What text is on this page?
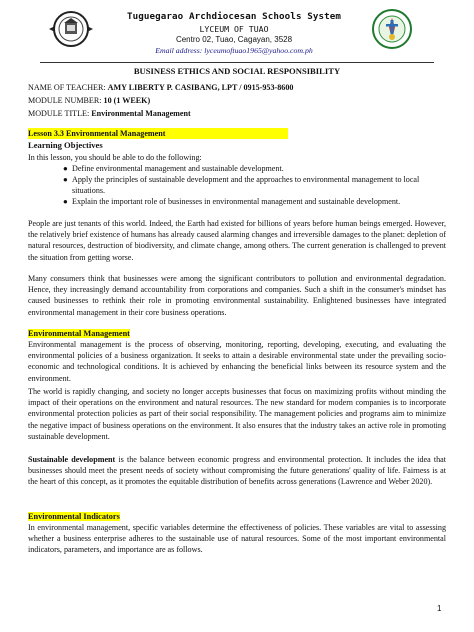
Tuguegarao Archdiocesan Schools System
LYCEUM OF TUAO
Centro 02, Tuao, Cagayan, 3528
Email address: lyceumoftuao1965@yahoo.com.ph
BUSINESS ETHICS AND SOCIAL RESPONSIBILITY
NAME OF TEACHER: AMY LIBERTY P. CASIBANG, LPT / 0915-953-8600
MODULE NUMBER: 10 (1 WEEK)
MODULE TITLE: Environmental Management
Lesson 3.3 Environmental Management
Learning Objectives
In this lesson, you should be able to do the following:
● Define environmental management and sustainable development.
● Apply the principles of sustainable development and the approaches to environmental management to local situations.
● Explain the important role of businesses in environmental management and sustainable development.
People are just tenants of this world. Indeed, the Earth had existed for billions of years before human beings emerged. However, the relatively brief existence of humans has already caused alarming changes and irreversible damages to the planet: depletion of natural resources, destruction of biodiversity, and climate change, among others. The current generation is challenged to prevent the situation from getting worse.
Many consumers think that businesses were among the significant contributors to pollution and environmental degradation. Hence, they increasingly demand accountability from corporations and companies. Such a shift in the consumer's mindset has caused businesses to rethink their role in promoting environmental sustainability. Enlightened businesses have integrated environmental management in their core business operations.
Environmental Management
Environmental management is the process of observing, monitoring, reporting, developing, executing, and evaluating the environmental policies of a business organization. It seeks to attain a desirable environmental state under the prevailing socio-economic and technological conditions. It is achieved by enhancing the beneficial links between its resource system and the environment.
The world is rapidly changing, and society no longer accepts businesses that focus on maximizing profits without minding the impact of their operations on the environment and natural resources. The new standard for modern companies is to incorporate environmental protection policies as part of their social responsibility. The management policies and programs aim to minimize the negative impact of business operations on the environment. It also ensures that the industry takes an active role in promoting sustainable development.
Sustainable development is the balance between economic progress and environmental protection. It includes the idea that businesses should meet the present needs of society without compromising the future generations' quality of life. Fairness is at the heart of this concept, as it promotes the equitable distribution of benefits across generations (Lawrence and Weber 2020).
Environmental Indicators
In environmental management, specific variables determine the effectiveness of policies. These variables are vital to assessing whether a business enterprise adheres to the sustainable use of natural resources. Some of the most important environmental indicators, parameters, and importance are as follows.
1
